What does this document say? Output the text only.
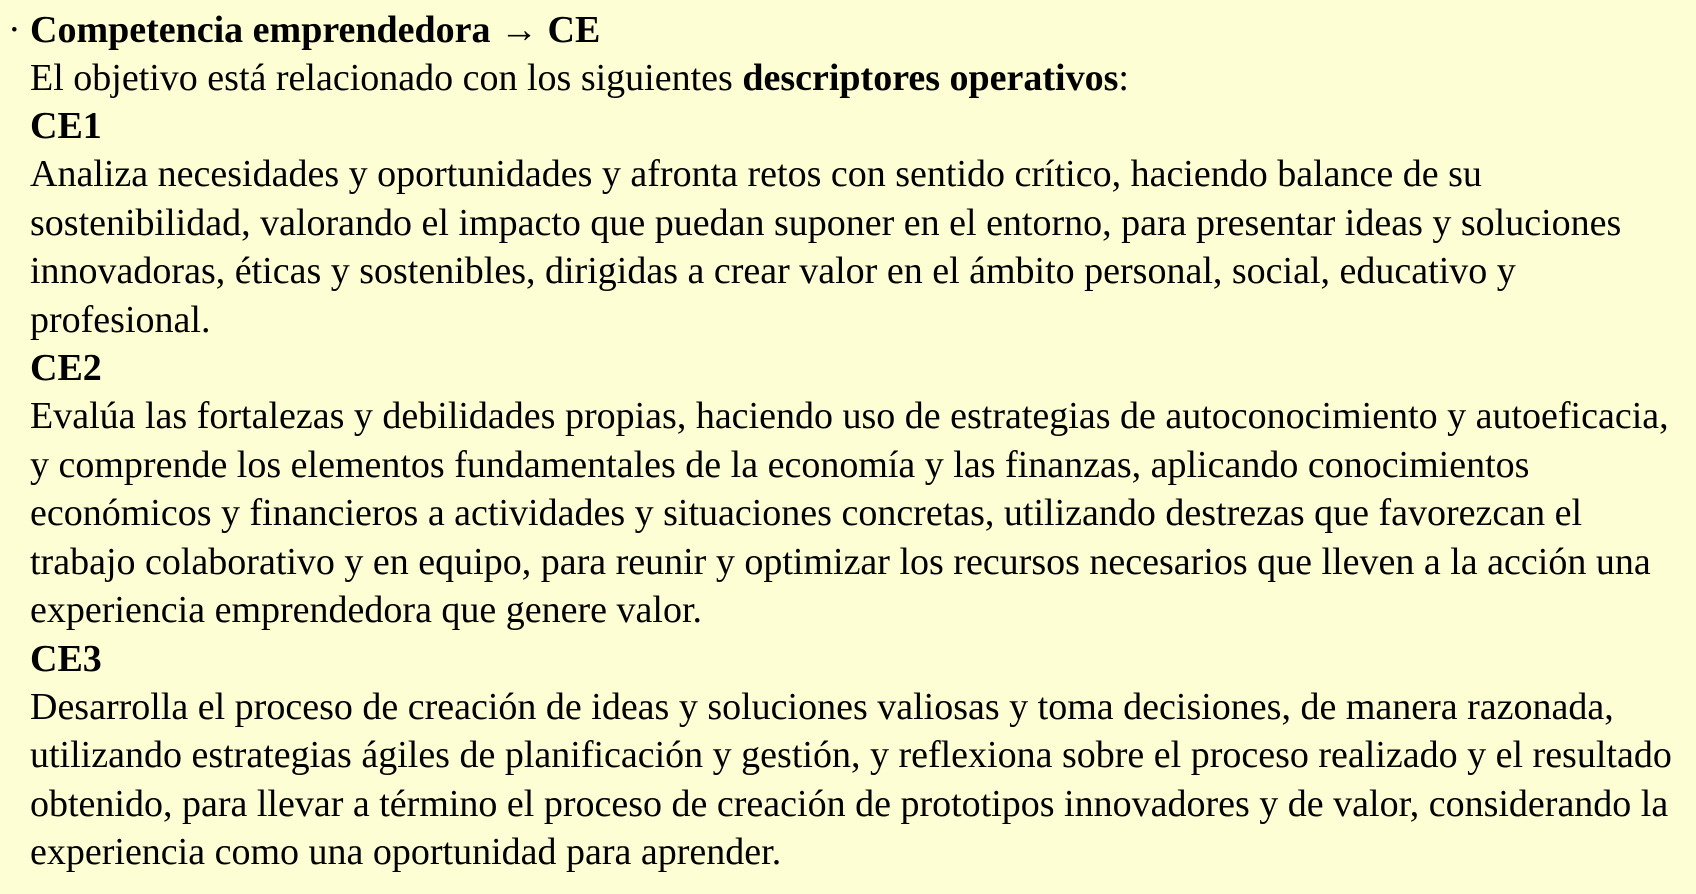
· Competencia emprendedora → CE
El objetivo está relacionado con los siguientes descriptores operativos:
CE1

Analiza necesidades y oportunidades y afronta retos con sentido crítico, haciendo balance de su sostenibilidad, valorando el impacto que puedan suponer en el entorno, para presentar ideas y soluciones innovadoras, éticas y sostenibles, dirigidas a crear valor en el ámbito personal, social, educativo y profesional.

CE2

Evalúa las fortalezas y debilidades propias, haciendo uso de estrategias de autoconocimiento y autoeficacia, y comprende los elementos fundamentales de la economía y las finanzas, aplicando conocimientos económicos y financieros a actividades y situaciones concretas, utilizando destrezas que favorezcan el trabajo colaborativo y en equipo, para reunir y optimizar los recursos necesarios que lleven a la acción una experiencia emprendedora que genere valor.

CE3

Desarrolla el proceso de creación de ideas y soluciones valiosas y toma decisiones, de manera razonada, utilizando estrategias ágiles de planificación y gestión, y reflexiona sobre el proceso realizado y el resultado obtenido, para llevar a término el proceso de creación de prototipos innovadores y de valor, considerando la experiencia como una oportunidad para aprender.
